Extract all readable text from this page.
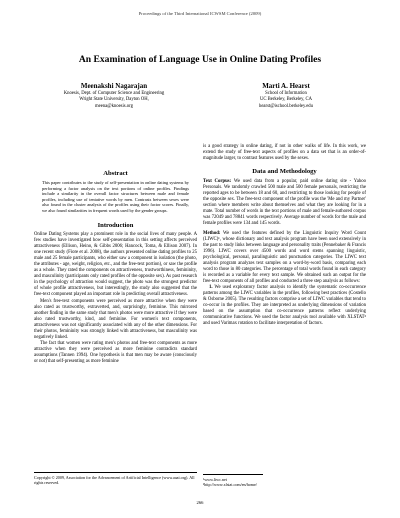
Proceedings of the Third International ICWSM Conference (2009)
An Examination of Language Use in Online Dating Profiles
Meenakshi Nagarajan
Knoesis, Dept. of Computer Science and Engineering
Wright State University, Dayton OH,
meena@knoesis.org
Marti A. Hearst
School of Information
UC Berkeley, Berkeley, CA
hearst@ischool.berkeley.edu
Abstract
This paper contributes to the study of self-presentation in online dating systems by performing a factor analysis on the text portions of online profiles. Findings include a similarity in the overall factor structures between male and female profiles, including use of tentative words by men. Contrasts between sexes were also found in the cluster analysis of the profiles using their factor scores. Finally, we also found similarities in frequent words used by the gender groups.
Introduction

Online Dating Systems play a prominent role in the social lives of many people. A few studies have investigated how self-presentation in this setting affects perceived attractiveness (Ellison, Heino, & Gibbs 2006; Hancock, Toma, & Ellison 2007). In one recent study (Fiore et al. 2008), the authors presented online dating profiles to 25 male and 25 female participants, who either saw a component in isolation (the photo, the attributes - age, weight, religion, etc., and the free-text portion), or saw the profile as a whole. They rated the components on attractiveness, trustworthiness, femininity, and masculinity (participants only rated profiles of the opposite sex). As past research in the psychology of attraction would suggest, the photo was the strongest predictor of whole profile attractiveness, but interestingly, the study also suggested that the free-text component played an important role in predicting overall attractiveness.

Men's free-text components were perceived as more attractive when they were also rated as trustworthy, extraverted, and, surprisingly, feminine. This mirrored another finding in the same study that men's photos were more attractive if they were also rated trustworthy, kind, and feminine. For women's text components, attractiveness was not significantly associated with any of the other dimensions. For their photos, femininity was strongly linked with attractiveness, but masculinity was negatively linked.

The fact that women were rating men's photos and free-text components as more attractive when they were perceived as more feminine contradicts standard assumptions (Tannen 1994). One hypothesis is that men may be aware (consciously or not) that self-presenting as more feminine

is a good strategy in online dating, if not in other walks of life. In this work, we extend the study of free-text aspects of profiles on a data set that is an order-of-magnitude larger, to contrast features used by the sexes.

Data and Methodology

Text Corpus: We used data from a popular, paid online dating site - Yahoo Personals. We randomly crawled 500 male and 500 female personals, restricting the reported ages to be between 18 and 60, and restricting to those looking for people of the opposite sex. The free-text component of the profile was the 'Me and my Partner' section where members write about themselves and what they are looking for in a mate. Total number of words in the text portions of male and female-authored corpus was 72049 and 78841 words respectively. Average number of words for the male and female profiles were 134 and 145 words.

Method: We used the features defined by the Linguistic Inquiry Word Count (LIWC)¹, whose dictionary and text analysis program have been used extensively in the past to study links between language and personality traits (Pennebaker & Francis 1996). LIWC covers over 4500 words and word stems spanning linguistic, psychological, personal, paralinguistic and punctuation categories. The LIWC text analysis program analyzes text samples on a word-by-word basis, comparing each word to those in 80 categories. The percentage of total words found in each category is recorded as a variable for every text sample. We obtained such an output for the free-text components of all profiles and conducted a three step analysis as follows:

1. We used exploratory factor analysis to identify the systematic co-occurrence patterns among the LIWC variables in the profiles, following best practices (Costello & Osborne 2005). The resulting factors comprise a set of LIWC variables that tend to co-occur in the profiles. They are interpreted as underlying dimensions of variation based on the assumption that co-occurrence patterns reflect underlying communicative functions. We used the factor analysis tool available with XLSTAT² and used Varimax rotation to facilitate interpretation of factors.

Copyright © 2009, Association for the Advancement of Artificial Intelligence (www.aaai.org). All rights reserved.
¹www.liwc.net
²http://www.xlstat.com/en/home/
266
